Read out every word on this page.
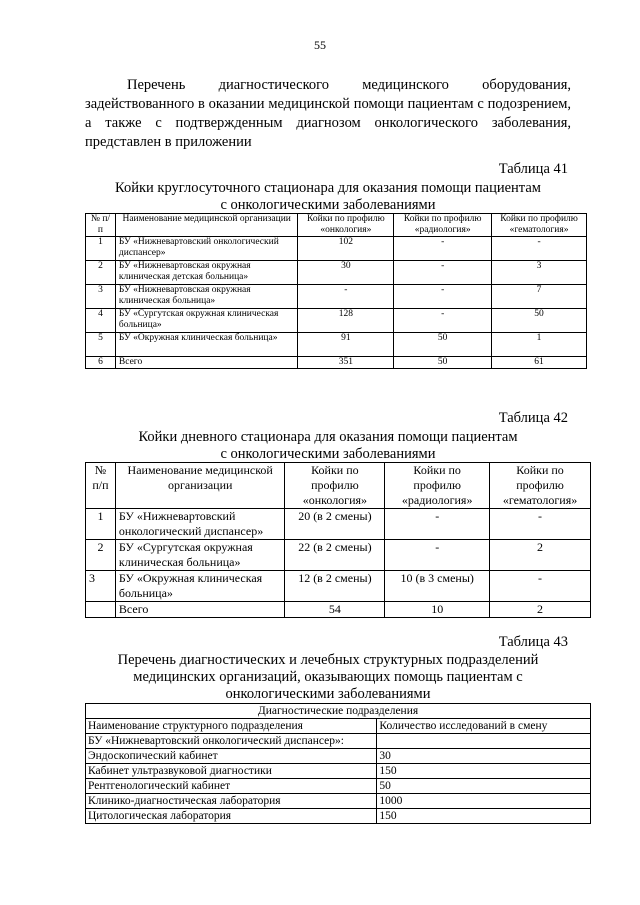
55
Перечень диагностического медицинского оборудования, задействованного в оказании медицинской помощи пациентам с подозрением, а также с подтвержденным диагнозом онкологического заболевания, представлен в приложении
Таблица 41
Койки круглосуточного стационара для оказания помощи пациентам
с онкологическими заболеваниями
№ п/п	Наименование медицинской организации	Койки по профилю «онкология»	Койки по профилю «радиология»	Койки по профилю «гематология»
1	БУ «Нижневартовский онкологический диспансер»	102	-	-
2	БУ «Нижневартовская окружная клиническая детская больница»	30	-	3
3	БУ «Нижневартовская окружная клиническая больница»	-	-	7
4	БУ «Сургутская окружная клиническая больница»	128	-	50
5	БУ «Окружная клиническая больница»	91	50	1
6	Всего	351	50	61
Таблица 42
Койки дневного стационара для оказания помощи пациентам
с онкологическими заболеваниями
№ п/п	Наименование медицинской организации	Койки по профилю «онкология»	Койки по профилю «радиология»	Койки по профилю «гематология»
1	БУ «Нижневартовский онкологический диспансер»	20 (в 2 смены)	-	-
2	БУ «Сургутская окружная клиническая больница»	22 (в 2 смены)	-	2
3	БУ «Окружная клиническая больница»	12 (в 2 смены)	10 (в 3 смены)	-
	Всего	54	10	2
Таблица 43
Перечень диагностических и лечебных структурных подразделений
медицинских организаций, оказывающих помощь пациентам с
онкологическими заболеваниями
Диагностические подразделения	
Наименование структурного подразделения	Количество исследований в смену
БУ «Нижневартовский онкологический диспансер»:	
Эндоскопический кабинет	30
Кабинет ультразвуковой диагностики	150
Рентгенологический кабинет	50
Клинико-диагностическая лаборатория	1000
Цитологическая лаборатория	150
